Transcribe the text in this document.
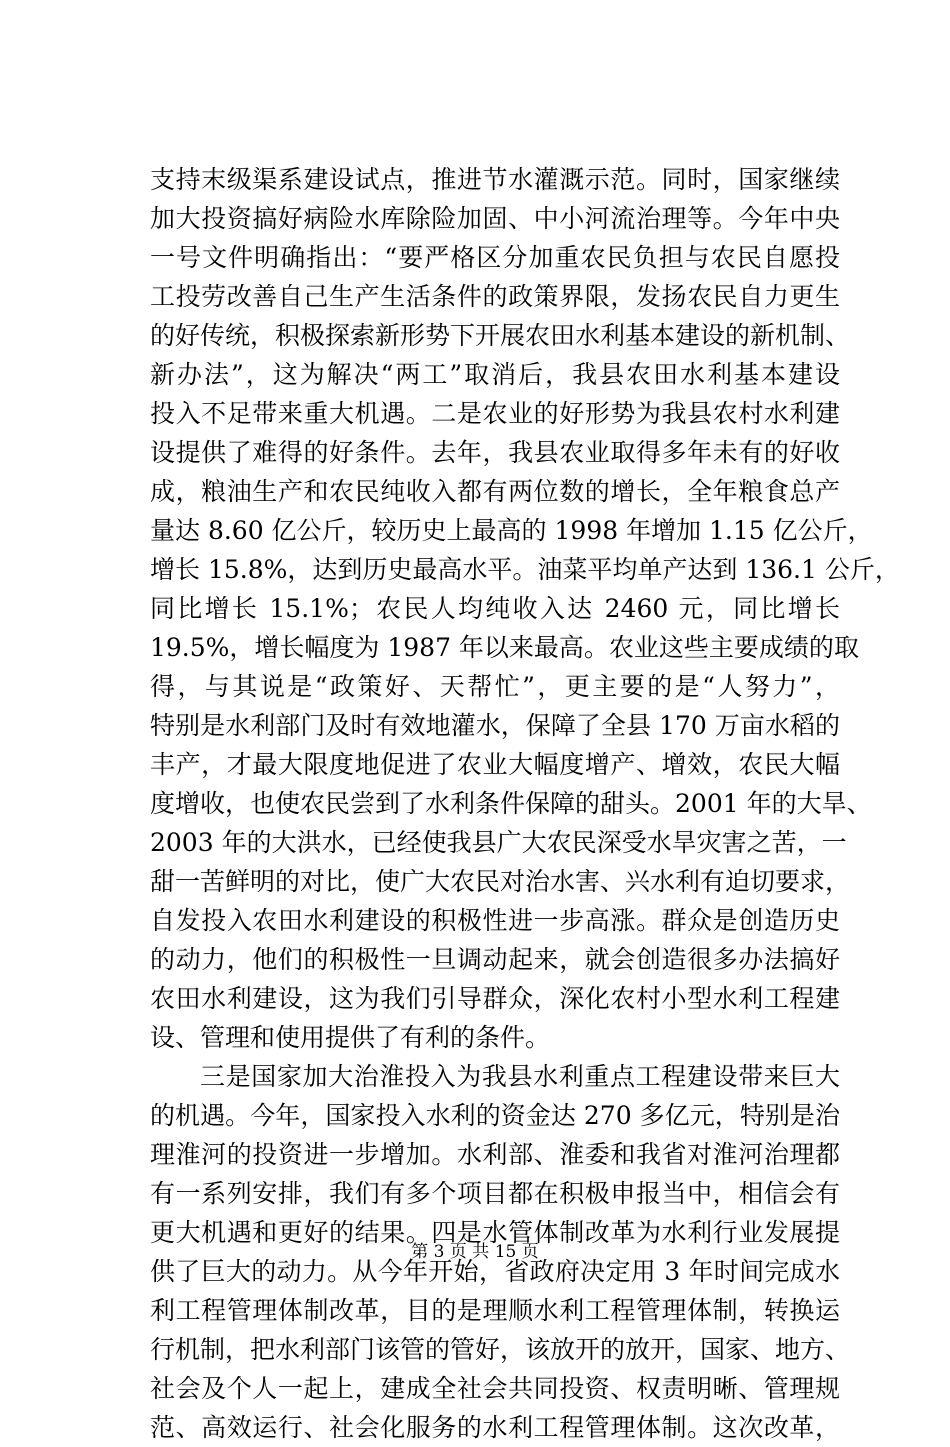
支持末级渠系建设试点，推进节水灌溉示范。同时，国家继续
加大投资搞好病险水库除险加固、中小河流治理等。今年中央
一号文件明确指出：“要严格区分加重农民负担与农民自愿投
工投劳改善自己生产生活条件的政策界限，发扬农民自力更生
的好传统，积极探索新形势下开展农田水利基本建设的新机制、
新办法”，这为解决“两工”取消后，我县农田水利基本建设
投入不足带来重大机遇。二是农业的好形势为我县农村水利建
设提供了难得的好条件。去年，我县农业取得多年未有的好收
成，粮油生产和农民纯收入都有两位数的增长，全年粮食总产
量达 8.60 亿公斤，较历史上最高的 1998 年增加 1.15 亿公斤，
增长 15.8%，达到历史最高水平。油菜平均单产达到 136.1 公斤，
同比增长 15.1%；农民人均纯收入达 2460 元，同比增长
19.5%，增长幅度为 1987 年以来最高。农业这些主要成绩的取
得，与其说是“政策好、天帮忙”，更主要的是“人努力”，
特别是水利部门及时有效地灌水，保障了全县 170 万亩水稻的
丰产，才最大限度地促进了农业大幅度增产、增效，农民大幅
度增收，也使农民尝到了水利条件保障的甜头。2001 年的大旱、
2003 年的大洪水，已经使我县广大农民深受水旱灾害之苦，一
甜一苦鲜明的对比，使广大农民对治水害、兴水利有迫切要求，
自发投入农田水利建设的积极性进一步高涨。群众是创造历史
的动力，他们的积极性一旦调动起来，就会创造很多办法搞好
农田水利建设，这为我们引导群众，深化农村小型水利工程建
设、管理和使用提供了有利的条件。
三是国家加大治淮投入为我县水利重点工程建设带来巨大
的机遇。今年，国家投入水利的资金达 270 多亿元，特别是治
理淮河的投资进一步增加。水利部、淮委和我省对淮河治理都
有一系列安排，我们有多个项目都在积极申报当中，相信会有
更大机遇和更好的结果。四是水管体制改革为水利行业发展提
供了巨大的动力。从今年开始，省政府决定用 3 年时间完成水
利工程管理体制改革，目的是理顺水利工程管理体制，转换运
行机制，把水利部门该管的管好，该放开的放开，国家、地方、
社会及个人一起上，建成全社会共同投资、权责明晰、管理规
范、高效运行、社会化服务的水利工程管理体制。这次改革，
第 3 页 共 15 页
